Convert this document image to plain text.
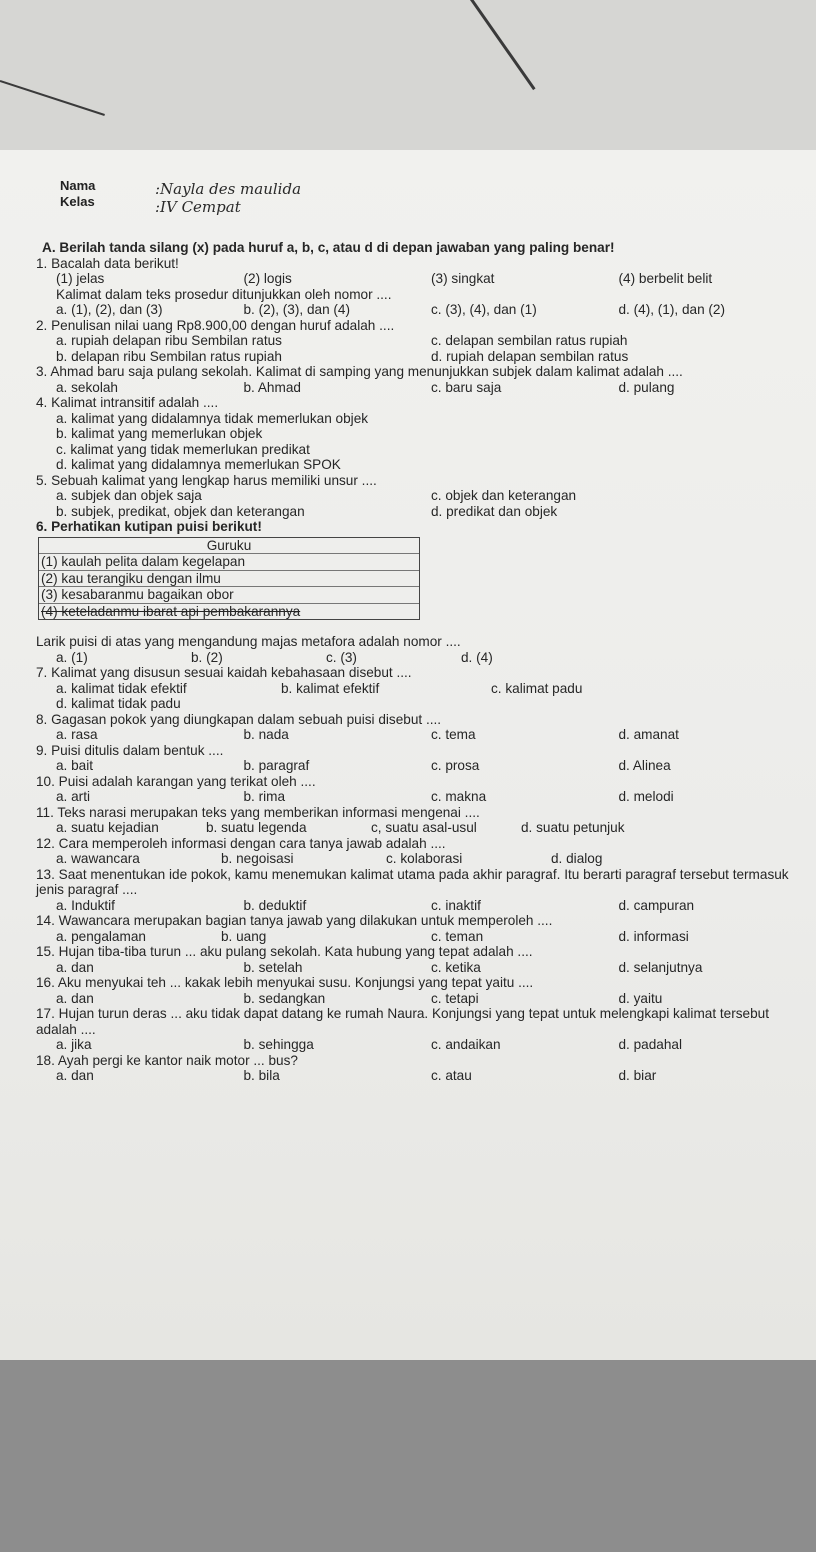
Nama
Kelas
:Nayla des maulida
:IV Cempat
A. Berilah tanda silang (x) pada huruf a, b, c, atau d di depan jawaban yang paling benar!
1. Bacalah data berikut!
(1) jelas	(2) logis	(3) singkat	(4) berbelit belit
Kalimat dalam teks prosedur ditunjukkan oleh nomor ....
a. (1), (2), dan (3)	b. (2), (3), dan (4)	c. (3), (4), dan (1)	d. (4), (1), dan (2)
2. Penulisan nilai uang Rp8.900,00 dengan huruf adalah ....
a. rupiah delapan ribu Sembilan ratus	c. delapan sembilan ratus rupiah
b. delapan ribu Sembilan ratus rupiah	d. rupiah delapan sembilan ratus
3. Ahmad baru saja pulang sekolah. Kalimat di samping yang menunjukkan subjek dalam kalimat adalah ....
a. sekolah	b. Ahmad	c. baru saja	d. pulang
4. Kalimat intransitif adalah ....
a. kalimat yang didalamnya tidak memerlukan objek
b. kalimat yang memerlukan objek
c. kalimat yang tidak memerlukan predikat
d. kalimat yang didalamnya memerlukan SPOK
5. Sebuah kalimat yang lengkap harus memiliki unsur ....
a. subjek dan objek saja	c. objek dan keterangan
b. subjek, predikat, objek dan keterangan	d. predikat dan objek
6. Perhatikan kutipan puisi berikut!
Guruku
(1) kaulah pelita dalam kegelapan
(2) kau terangiku dengan ilmu
(3) kesabaranmu bagaikan obor
(4) keteladanmu ibarat api pembakarannya
Larik puisi di atas yang mengandung majas metafora adalah nomor ....
a. (1)	b. (2)	c. (3)	d. (4)
7. Kalimat yang disusun sesuai kaidah kebahasaan disebut ....
a. kalimat tidak efektif	b. kalimat efektif	c. kalimat padu
d. kalimat tidak padu
8. Gagasan pokok yang diungkapan dalam sebuah puisi disebut ....
a. rasa	b. nada	c. tema	d. amanat
9. Puisi ditulis dalam bentuk ....
a. bait	b. paragraf	c. prosa	d. Alinea
10. Puisi adalah karangan yang terikat oleh ....
a. arti	b. rima	c. makna	d. melodi
11. Teks narasi merupakan teks yang memberikan informasi mengenai ....
a. suatu kejadian	b. suatu legenda	c, suatu asal-usul	d. suatu petunjuk
12. Cara memperoleh informasi dengan cara tanya jawab adalah ....
a. wawancara	b. negoisasi	c. kolaborasi	d. dialog
13. Saat menentukan ide pokok, kamu menemukan kalimat utama pada akhir paragraf. Itu berarti paragraf tersebut termasuk jenis paragraf ....
a. Induktif	b. deduktif	c. inaktif	d. campuran
14. Wawancara merupakan bagian tanya jawab yang dilakukan untuk memperoleh ....
a. pengalaman	b. uang	c. teman	d. informasi
15. Hujan tiba-tiba turun ... aku pulang sekolah. Kata hubung yang tepat adalah ....
a. dan	b. setelah	c. ketika	d. selanjutnya
16. Aku menyukai teh ... kakak lebih menyukai susu. Konjungsi yang tepat yaitu ....
a. dan	b. sedangkan	c. tetapi	d. yaitu
17. Hujan turun deras ... aku tidak dapat datang ke rumah Naura. Konjungsi yang tepat untuk melengkapi kalimat tersebut adalah ....
a. jika	b. sehingga	c. andaikan	d. padahal
18. Ayah pergi ke kantor naik motor ... bus?
a. dan	b. bila	c. atau	d. biar
